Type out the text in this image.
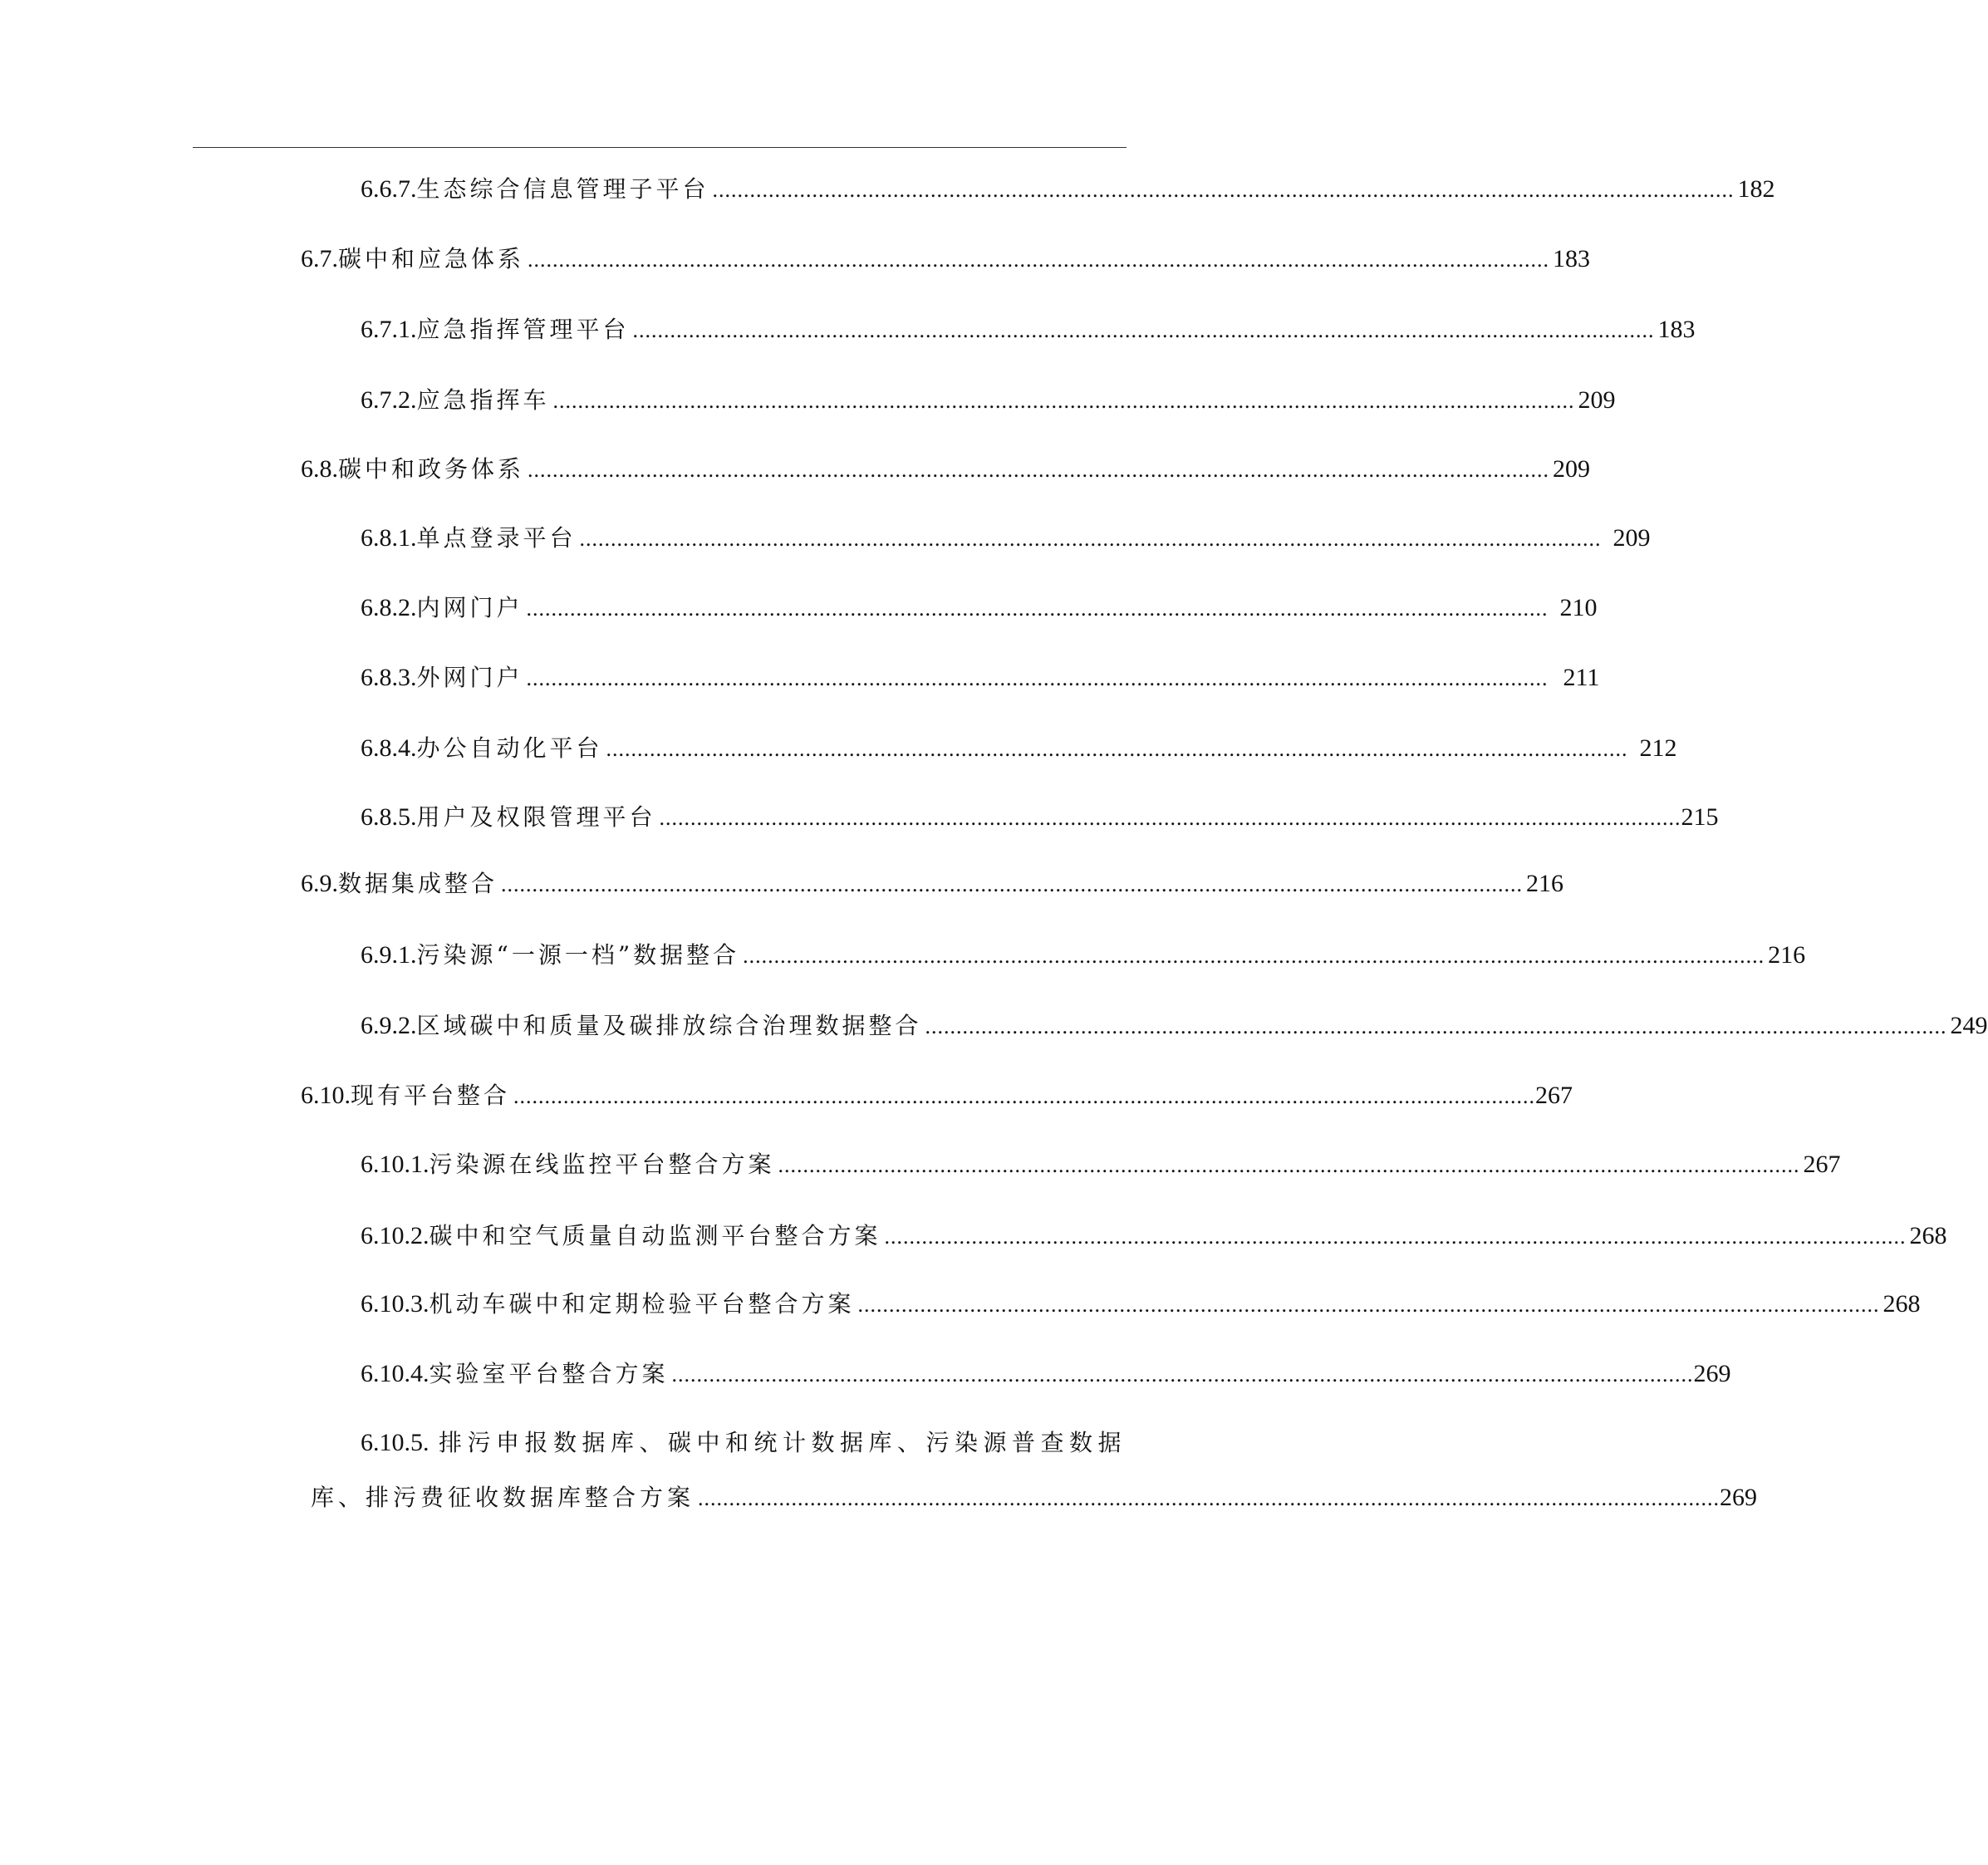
6.6.7. 生态综合信息管理子平台 .................................................................................................................................................................... 182
6.7. 碳中和应急体系 .................................................................................................................................................................... 183
6.7.1. 应急指挥管理平台 .................................................................................................................................................................... 183
6.7.2. 应急指挥车 .................................................................................................................................................................... 209
6.8. 碳中和政务体系 .................................................................................................................................................................... 209
6.8.1. 单点登录平台 .................................................................................................................................................................... 209
6.8.2. 内网门户 .................................................................................................................................................................... 210
6.8.3. 外网门户 .................................................................................................................................................................... 211
6.8.4. 办公自动化平台 .................................................................................................................................................................... 212
6.8.5. 用户及权限管理平台 .................................................................................................................................................................... 215
6.9. 数据集成整合 .................................................................................................................................................................... 216
6.9.1. 污染源“一源一档”数据整合 .................................................................................................................................................................... 216
6.9.2. 区域碳中和质量及碳排放综合治理数据整合 .................................................................................................................................................................... 249
6.10. 现有平台整合 .................................................................................................................................................................... 267
6.10.1. 污染源在线监控平台整合方案 .................................................................................................................................................................... 267
6.10.2. 碳中和空气质量自动监测平台整合方案 .................................................................................................................................................................... 268
6.10.3. 机动车碳中和定期检验平台整合方案 .................................................................................................................................................................... 268
6.10.4. 实验室平台整合方案 .................................................................................................................................................................... 269
6.10.5. 排污申报数据库、碳中和统计数据库、污染源普查数据
库、排污费征收数据库整合方案 .................................................................................................................................................................... 269
